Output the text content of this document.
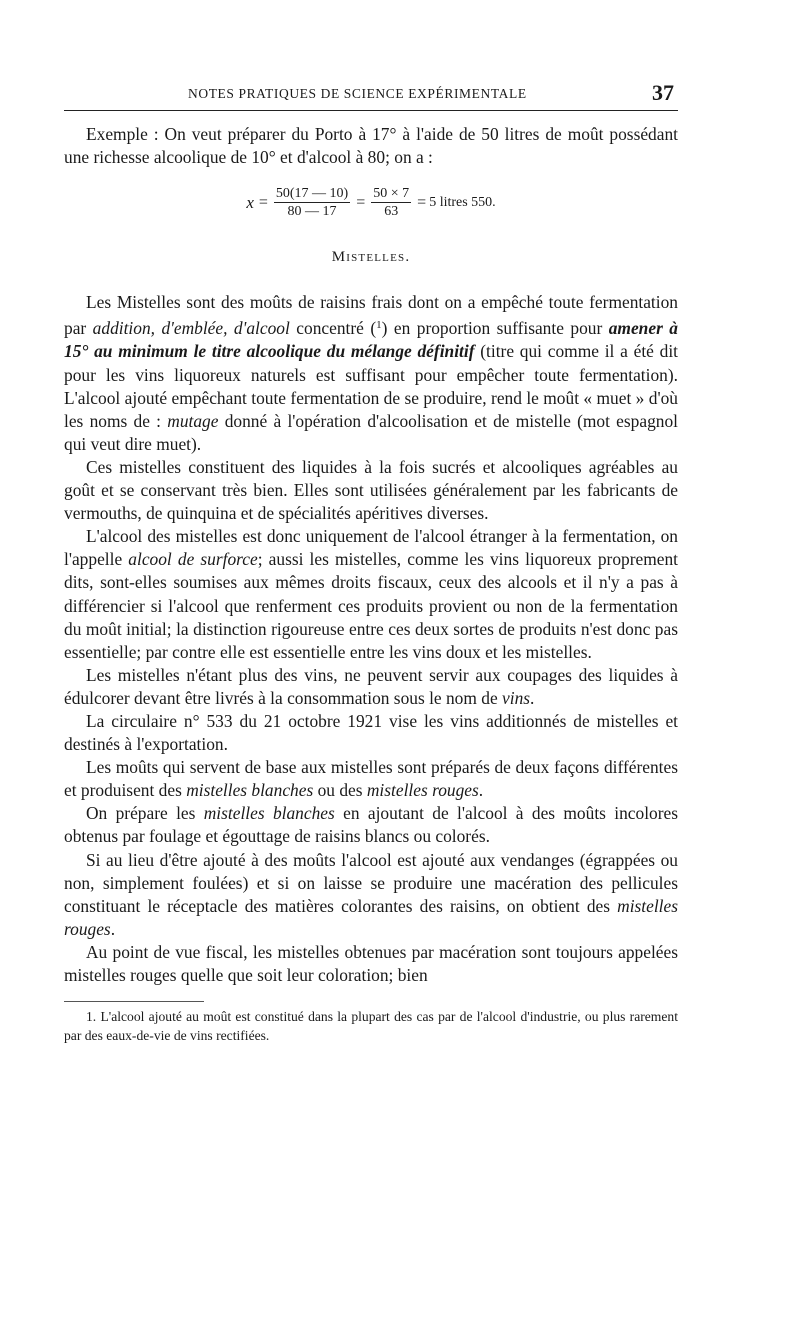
NOTES PRATIQUES DE SCIENCE EXPÉRIMENTALE	37

Exemple : On veut préparer du Porto à 17° à l'aide de 50 litres de moût possédant une richesse alcoolique de 10° et d'alcool à 80; on a :

$x = \frac{50(17 — 10)}{80 — 17} = \frac{50 \times 7}{63} = 5$ litres 550.
Mistelles.

Les Mistelles sont des moûts de raisins frais dont on a empêché toute fermentation par addition, d'emblée, d'alcool concentré ($^1$) en proportion suffisante pour amener à 15° au minimum le titre alcoolique du mélange définitif (titre qui comme il a été dit pour les vins liquoreux naturels est suffisant pour empêcher toute fermentation). L'alcool ajouté empêchant toute fermentation de se produire, rend le moût « muet » d'où les noms de : mutage donné à l'opération d'alcoolisation et de mistelle (mot espagnol qui veut dire muet).

Ces mistelles constituent des liquides à la fois sucrés et alcooliques agréables au goût et se conservant très bien. Elles sont utilisées généralement par les fabricants de vermouths, de quinquina et de spécialités apéritives diverses.

L'alcool des mistelles est donc uniquement de l'alcool étranger à la fermentation, on l'appelle alcool de surforce; aussi les mistelles, comme les vins liquoreux proprement dits, sont-elles soumises aux mêmes droits fiscaux, ceux des alcools et il n'y a pas à différencier si l'alcool que renferment ces produits provient ou non de la fermentation du moût initial; la distinction rigoureuse entre ces deux sortes de produits n'est donc pas essentielle; par contre elle est essentielle entre les vins doux et les mistelles.

Les mistelles n'étant plus des vins, ne peuvent servir aux coupages des liquides à édulcorer devant être livrés à la consommation sous le nom de vins.

La circulaire n° 533 du 21 octobre 1921 vise les vins additionnés de mistelles et destinés à l'exportation.

Les moûts qui servent de base aux mistelles sont préparés de deux façons différentes et produisent des mistelles blanches ou des mistelles rouges.

On prépare les mistelles blanches en ajoutant de l'alcool à des moûts incolores obtenus par foulage et égouttage de raisins blancs ou colorés.

Si au lieu d'être ajouté à des moûts l'alcool est ajouté aux vendanges (égrappées ou non, simplement foulées) et si on laisse se produire une macération des pellicules constituant le réceptacle des matières colorantes des raisins, on obtient des mistelles rouges.

Au point de vue fiscal, les mistelles obtenues par macération sont toujours appelées mistelles rouges quelle que soit leur coloration; bien

1. L'alcool ajouté au moût est constitué dans la plupart des cas par de l'alcool d'industrie, ou plus rarement par des eaux-de-vie de vins rectifiées.
